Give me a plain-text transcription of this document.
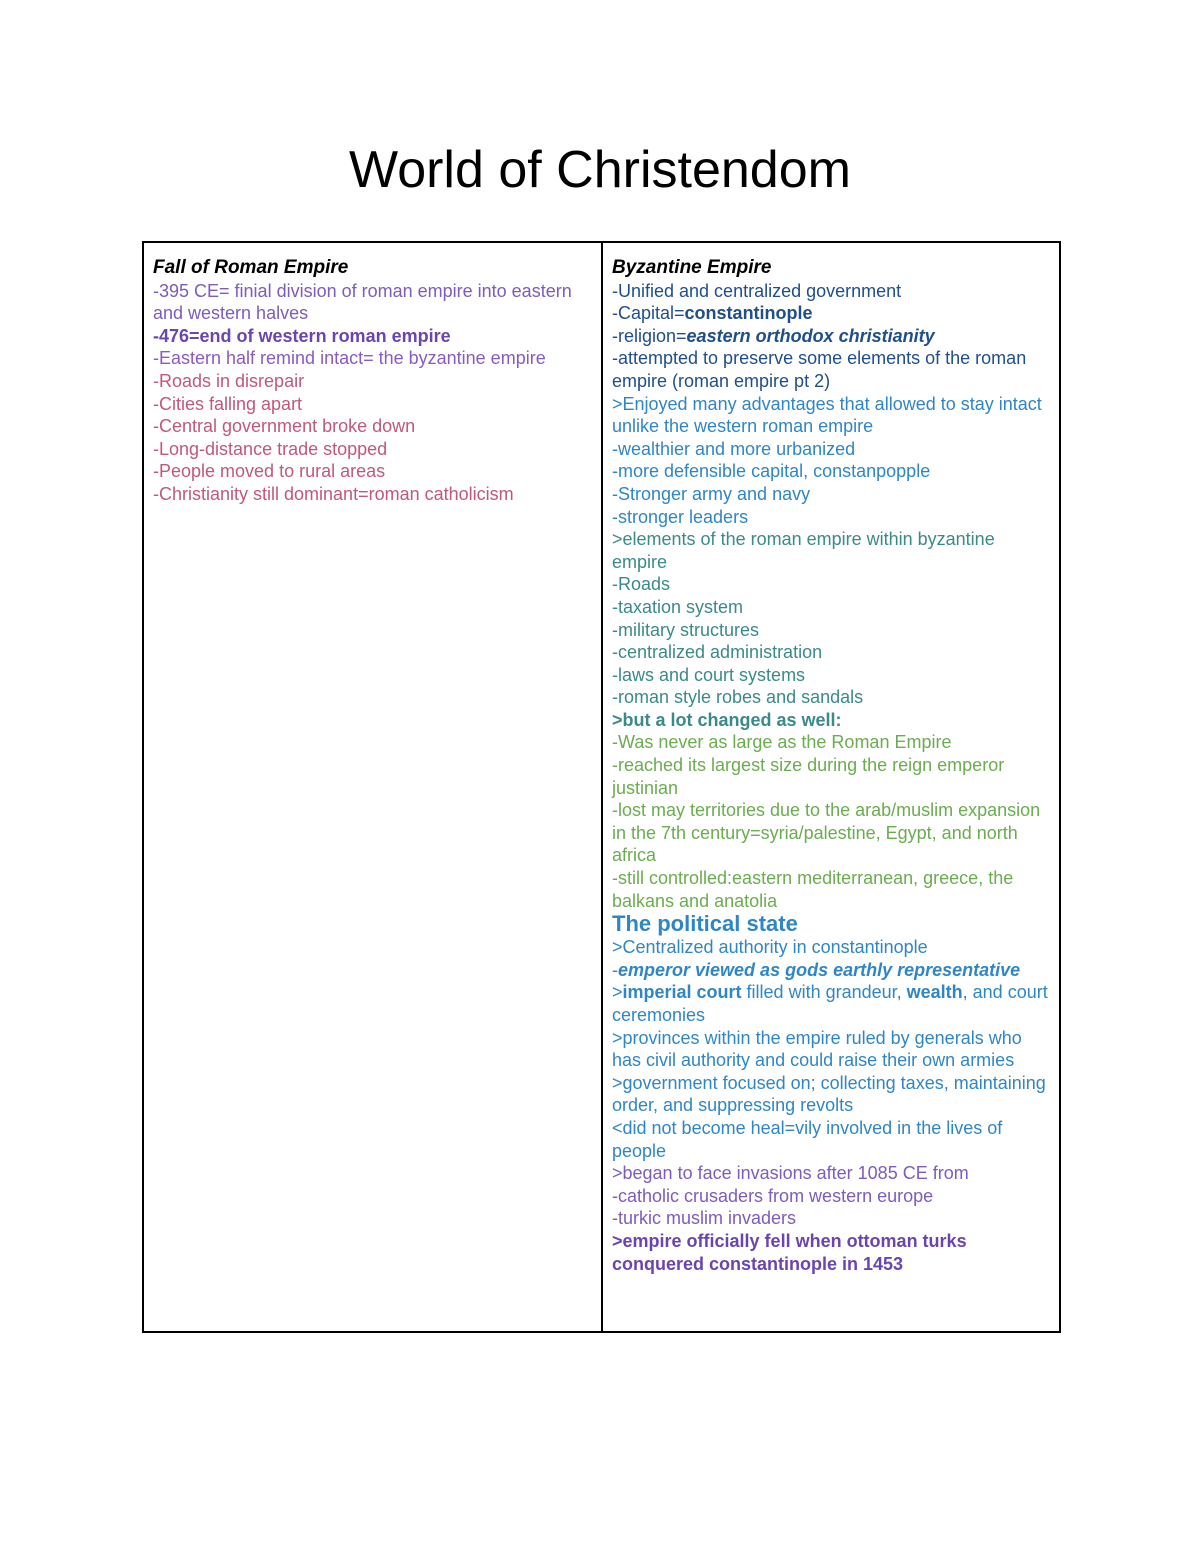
World of Christendom
Fall of Roman Empire
-395 CE= finial division of roman empire into eastern and western halves
-476=end of western roman empire
-Eastern half remind intact= the byzantine empire
-Roads in disrepair
-Cities falling apart
-Central government broke down
-Long-distance trade stopped
-People moved to rural areas
-Christianity still dominant=roman catholicism
Byzantine Empire
-Unified and centralized government
-Capital=constantinople
-religion=eastern orthodox christianity
-attempted to preserve some elements of the roman empire (roman empire pt 2)
>Enjoyed many advantages that allowed to stay intact unlike the western roman empire
-wealthier and more urbanized
-more defensible capital, constanpopple
-Stronger army and navy
-stronger leaders
>elements of the roman empire within byzantine empire
-Roads
-taxation system
-military structures
-centralized administration
-laws and court systems
-roman style robes and sandals
>but a lot changed as well:
-Was never as large as the Roman Empire
-reached its largest size during the reign emperor justinian
-lost may territories due to the arab/muslim expansion in the 7th century=syria/palestine, Egypt, and north africa
-still controlled:eastern mediterranean, greece, the balkans and anatolia
The political state
>Centralized authority in constantinople
-emperor viewed as gods earthly representative
>imperial court filled with grandeur, wealth, and court ceremonies
>provinces within the empire ruled by generals who has civil authority and could raise their own armies
>government focused on; collecting taxes, maintaining order, and suppressing revolts
<did not become heal=vily involved in the lives of people
>began to face invasions after 1085 CE from
-catholic crusaders from western europe
-turkic muslim invaders
>empire officially fell when ottoman turks conquered constantinople in 1453
